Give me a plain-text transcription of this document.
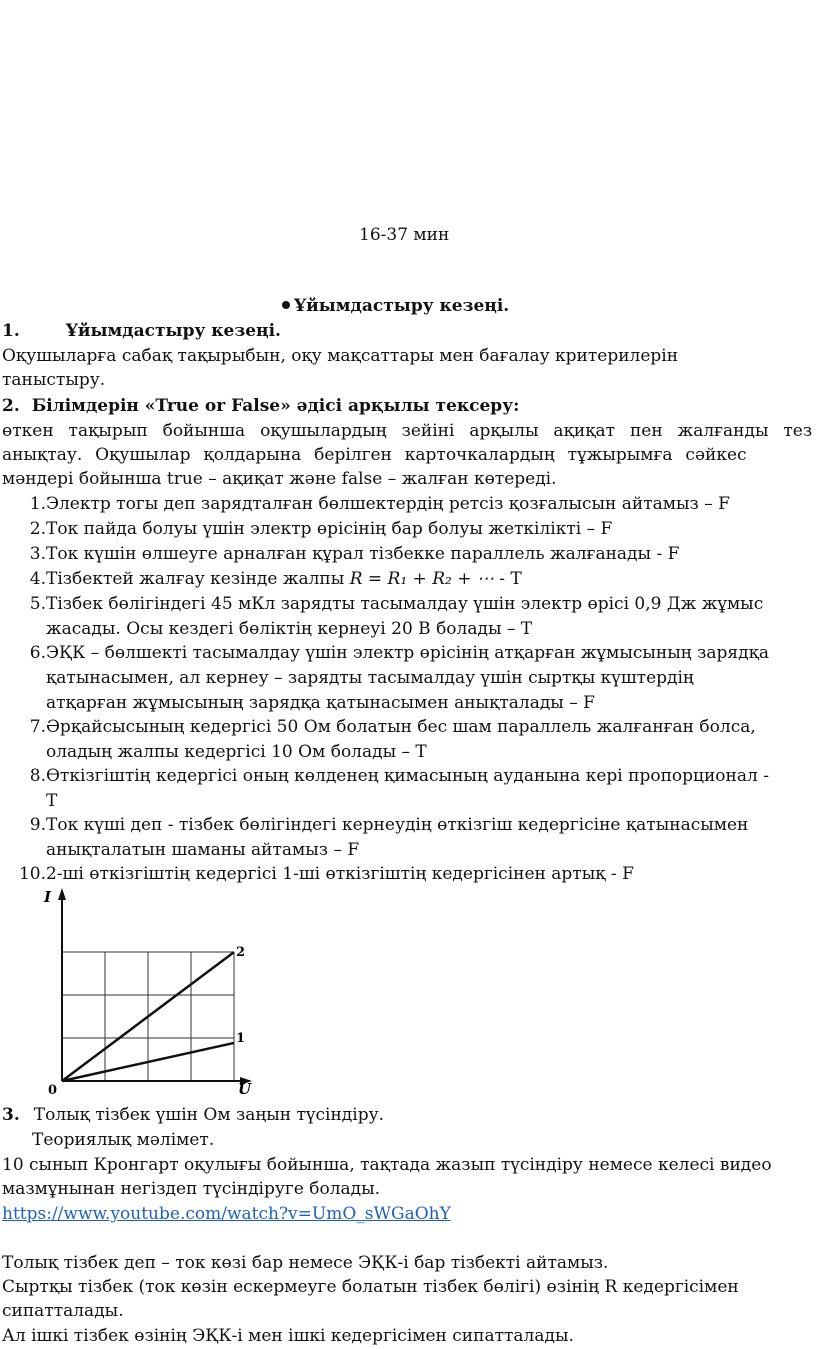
16-37 мин
Ұйымдастыру кезеңі.
1.	Ұйымдастыру кезеңі.
Оқушыларға сабақ тақырыбын, оқу мақсаттары мен бағалау критерилерін
таныстыру.
2. Білімдерін «True or False» әдісі арқылы тексеру:
өткен тақырып бойынша оқушылардың зейіні арқылы ақиқат пен жалғанды тез
анықтау. Оқушылар қолдарына берілген карточкалардың тұжырымға сәйкес
мәндері бойынша true – ақиқат және false – жалған көтереді.
1. Электр тогы деп зарядталған бөлшектердің ретсіз қозғалысын айтамыз – F
2. Ток пайда болуы үшін электр өрісінің бар болуы жеткілікті – F
3. Ток күшін өлшеуге арналған құрал тізбекке параллель жалғанады - F
4. Тізбектей жалғау кезінде жалпы R = R₁ + R₂ + ⋯ - T
5. Тізбек бөлігіндегі 45 мКл зарядты тасымалдау үшін электр өрісі 0,9 Дж жұмыс
жасады. Осы кездегі бөліктің кернеуі 20 В болады – T
6. ЭҚК – бөлшекті тасымалдау үшін электр өрісінің атқарған жұмысының зарядқа
қатынасымен, ал кернеу – зарядты тасымалдау үшін сыртқы күштердің
атқарған жұмысының зарядқа қатынасымен анықталады – F
7. Әрқайсысының кедергісі 50 Ом болатын бес шам параллель жалғанған болса,
оладың жалпы кедергісі 10 Ом болады – T
8. Өткізгіштің кедергісі оның көлденең қимасының ауданына кері пропорционал -
T
9. Ток күші деп - тізбек бөлігіндегі кернеудің өткізгіш кедергісіне қатынасымен
анықталатын шаманы айтамыз – F
10. 2-ші өткізгіштің кедергісі 1-ші өткізгіштің кедергісінен артық - F
I
U
0
1
2
3. Толық тізбек үшін Ом заңын түсіндіру.
Теориялық мәлімет.
10 сынып Кронгарт оқулығы бойынша, тақтада жазып түсіндіру немесе келесі видео
мазмұнынан негіздеп түсіндіруге болады.
https://www.youtube.com/watch?v=UmO_sWGaOhY
Толық тізбек деп – ток көзі бар немесе ЭҚК-і бар тізбекті айтамыз.
Сыртқы тізбек (ток көзін ескермеуге болатын тізбек бөлігі) өзінің R кедергісімен
сипатталады.
Ал ішкі тізбек өзінің ЭҚК-і мен ішкі кедергісімен сипатталады.
